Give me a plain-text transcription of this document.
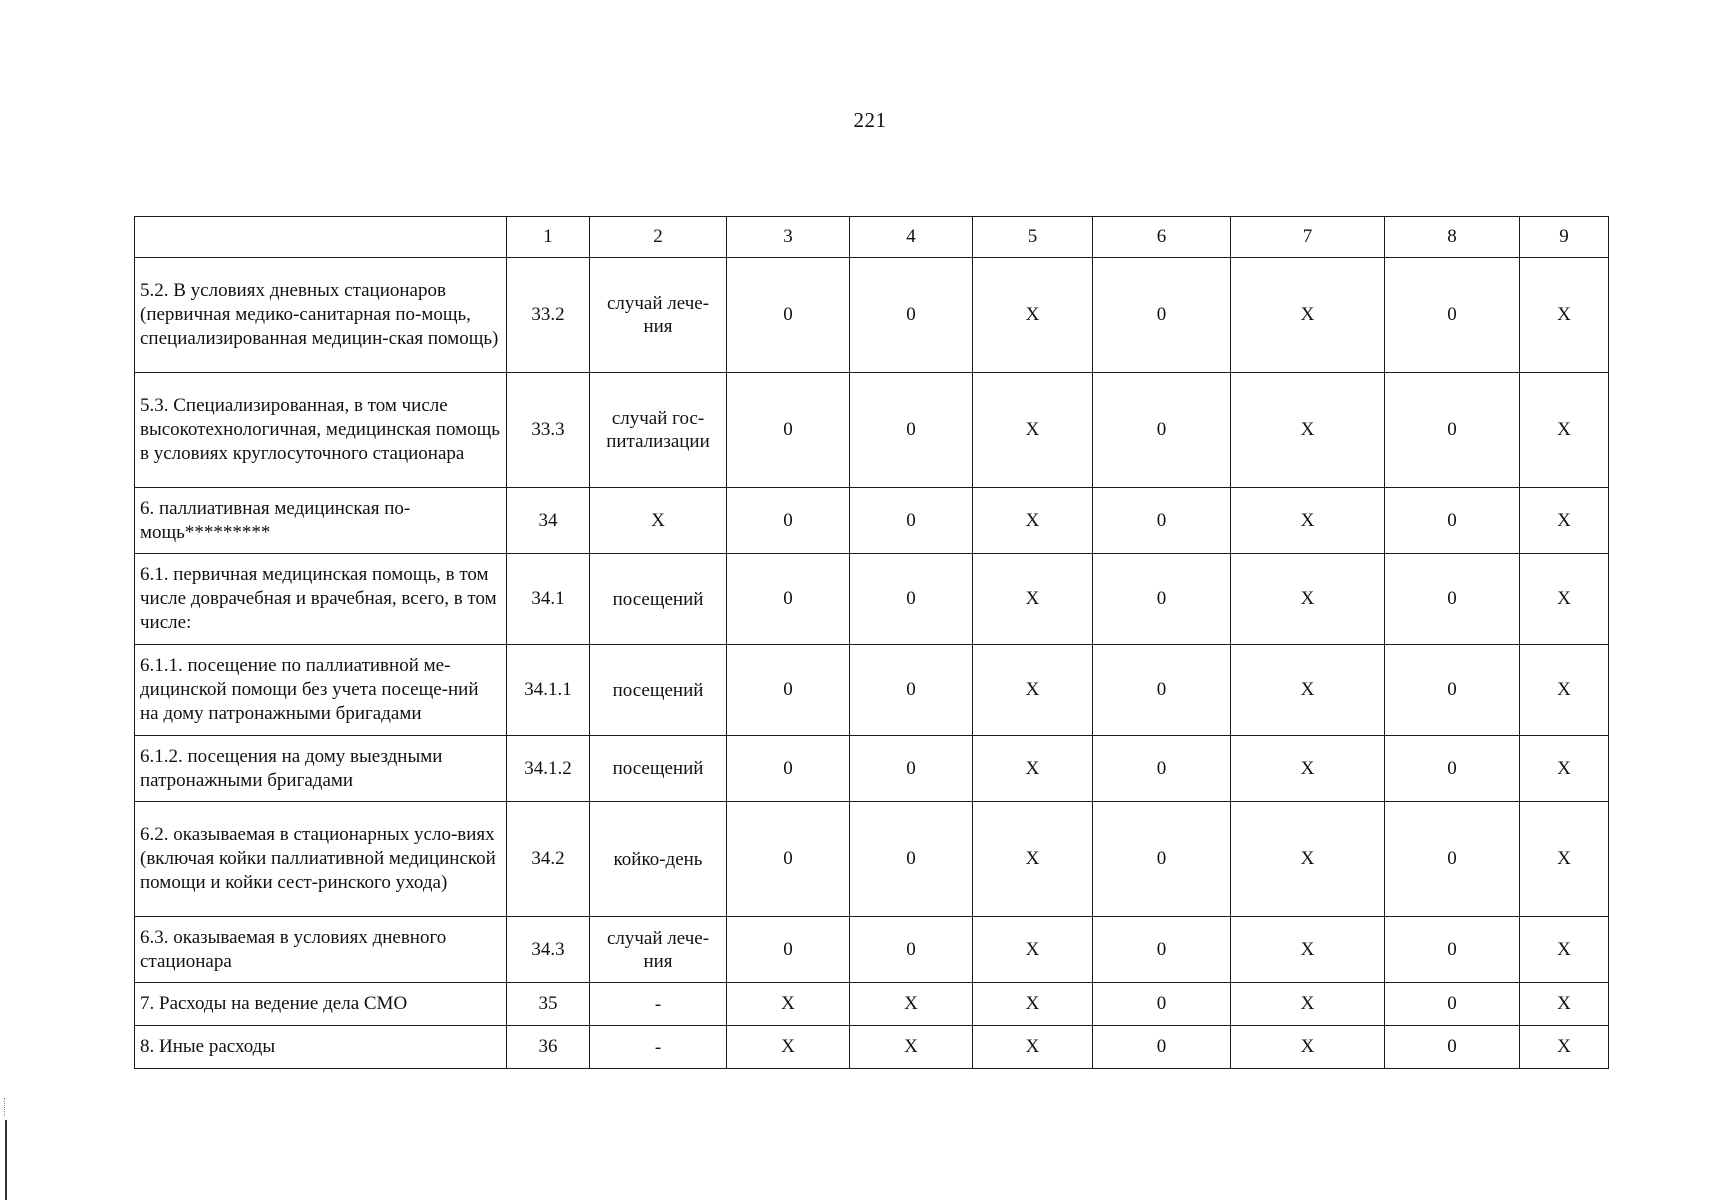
221
	1	2	3	4	5	6	7	8	9
5.2. В условиях дневных стационаров (первичная медико-санитарная по-мощь, специализированная медицин-ская помощь)	33.2	случай лече-ния	0	0	X	0	X	0	X
5.3. Специализированная, в том числе высокотехнологичная, медицинская помощь в условиях круглосуточного стационара	33.3	случай гос-питализации	0	0	X	0	X	0	X
6. паллиативная медицинская по-мощь*********	34	X	0	0	X	0	X	0	X
6.1. первичная медицинская помощь, в том числе доврачебная и врачебная, всего, в том числе:	34.1	посещений	0	0	X	0	X	0	X
6.1.1. посещение по паллиативной ме-дицинской помощи без учета посеще-ний на дому патронажными бригадами	34.1.1	посещений	0	0	X	0	X	0	X
6.1.2. посещения на дому выездными патронажными бригадами	34.1.2	посещений	0	0	X	0	X	0	X
6.2. оказываемая в стационарных усло-виях (включая койки паллиативной медицинской помощи и койки сест-ринского ухода)	34.2	койко-день	0	0	X	0	X	0	X
6.3. оказываемая в условиях дневного стационара	34.3	случай лече-ния	0	0	X	0	X	0	X
7. Расходы на ведение дела СМО	35	-	X	X	X	0	X	0	X
8. Иные расходы	36	-	X	X	X	0	X	0	X
